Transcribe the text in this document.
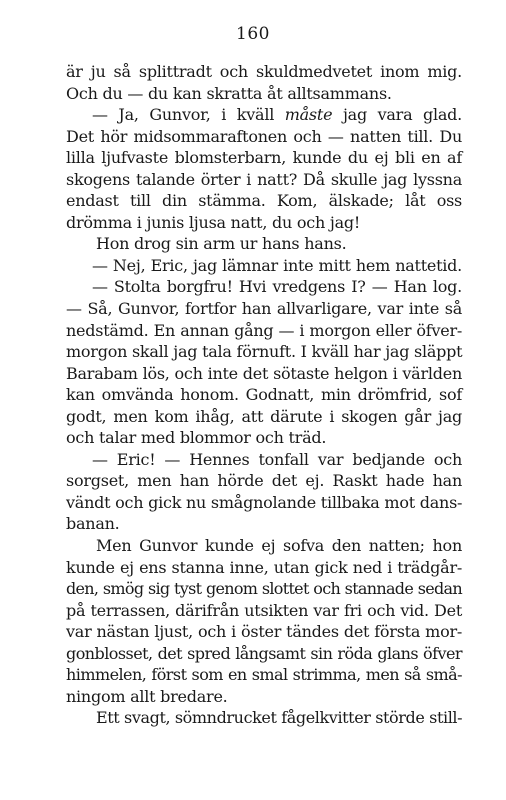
160
är ju så splittradt och skuldmedvetet inom mig.
Och du — du kan skratta åt alltsammans.
— Ja, Gunvor, i kväll måste jag vara glad.
Det hör midsommaraftonen och — natten till. Du
lilla ljufvaste blomsterbarn, kunde du ej bli en af
skogens talande örter i natt? Då skulle jag lyssna
endast till din stämma. Kom, älskade; låt oss
drömma i junis ljusa natt, du och jag!
Hon drog sin arm ur hans hans.
— Nej, Eric, jag lämnar inte mitt hem nattetid.
— Stolta borgfru! Hvi vredgens I? — Han log.
— Så, Gunvor, fortfor han allvarligare, var inte så
nedstämd. En annan gång — i morgon eller öfver-
morgon skall jag tala förnuft. I kväll har jag släppt
Barabam lös, och inte det sötaste helgon i världen
kan omvända honom. Godnatt, min drömfrid, sof
godt, men kom ihåg, att därute i skogen går jag
och talar med blommor och träd.
— Eric! — Hennes tonfall var bedjande och
sorgset, men han hörde det ej. Raskt hade han
vändt och gick nu smågnolande tillbaka mot dans-
banan.
Men Gunvor kunde ej sofva den natten; hon
kunde ej ens stanna inne, utan gick ned i trädgår-
den, smög sig tyst genom slottet och stannade sedan
på terrassen, därifrån utsikten var fri och vid. Det
var nästan ljust, och i öster tändes det första mor-
gonblosset, det spred långsamt sin röda glans öfver
himmelen, först som en smal strimma, men så små-
ningom allt bredare.
Ett svagt, sömndrucket fågelkvitter störde still-
